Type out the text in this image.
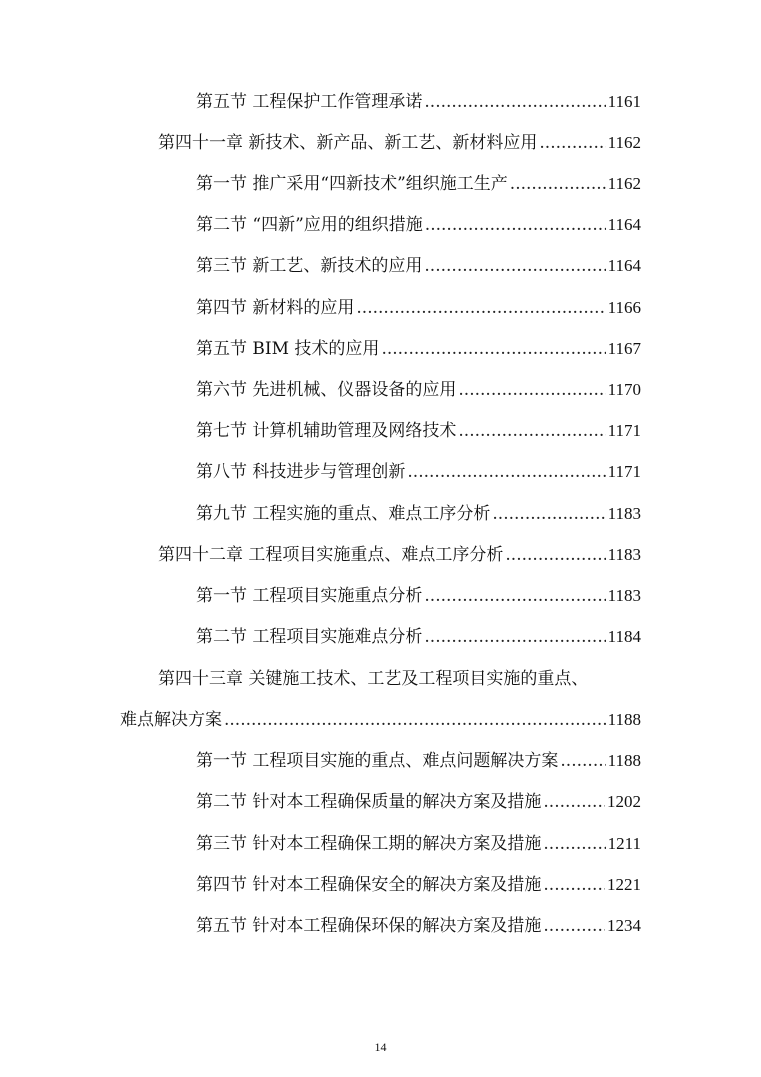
第五节 工程保护工作管理承诺 .....	1161
第四十一章 新技术、新产品、新工艺、新材料应用 .....	1162
第一节 推广采用“四新技术”组织施工生产 .....	1162
第二节 “四新”应用的组织措施 .....	1164
第三节 新工艺、新技术的应用 .....	1164
第四节 新材料的应用 .....	1166
第五节 BIM 技术的应用 .....	1167
第六节 先进机械、仪器设备的应用 .....	1170
第七节 计算机辅助管理及网络技术 .....	1171
第八节 科技进步与管理创新 .....	1171
第九节 工程实施的重点、难点工序分析 .....	1183
第四十二章 工程项目实施重点、难点工序分析 .....	1183
第一节 工程项目实施重点分析 .....	1183
第二节 工程项目实施难点分析 .....	1184
第四十三章 关键施工技术、工艺及工程项目实施的重点、
难点解决方案 .....	1188
第一节 工程项目实施的重点、难点问题解决方案 .....	1188
第二节 针对本工程确保质量的解决方案及措施 .....	1202
第三节 针对本工程确保工期的解决方案及措施 .....	1211
第四节 针对本工程确保安全的解决方案及措施 .....	1221
第五节 针对本工程确保环保的解决方案及措施 .....	1234
14
